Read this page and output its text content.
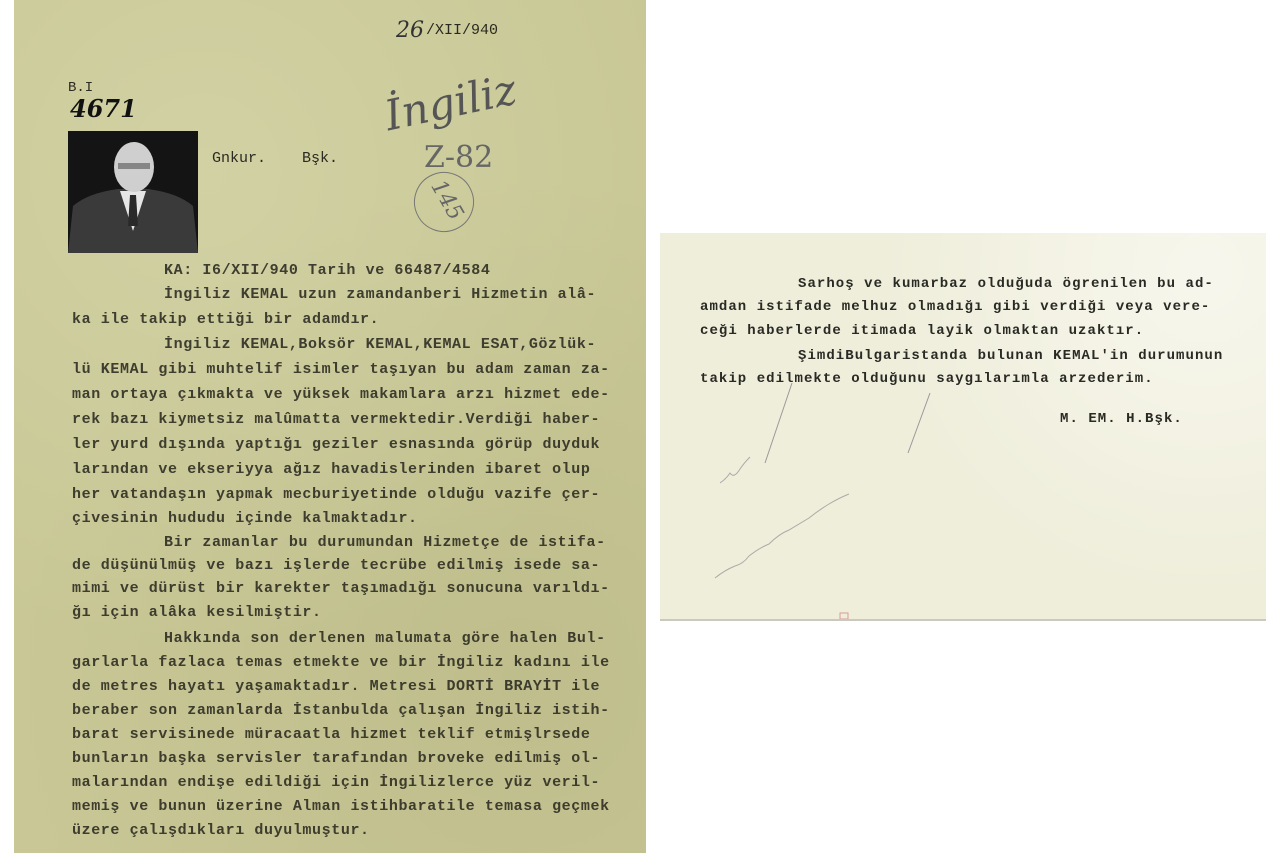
26 /XII/940
B.I
4671
Gnkur.    Bşk.
İngiliz
Z-82
145
KA: I6/XII/940 Tarih ve 66487/4584
İngiliz KEMAL uzun zamandanberi Hizmetin alâ-
ka ile takip ettiği bir adamdır.
İngiliz KEMAL,Boksör KEMAL,KEMAL ESAT,Gözlük-
lü KEMAL gibi muhtelif isimler taşıyan bu adam zaman za-
man ortaya çıkmakta ve yüksek makamlara arzı hizmet ede-
rek bazı kiymetsiz malûmatta vermektedir.Verdiği haber-
ler yurd dışında yaptığı geziler esnasında görüp duyduk
larından ve ekseriyya ağız havadislerinden ibaret olup
her vatandaşın yapmak mecburiyetinde olduğu vazife çer-
çivesinin hududu içinde kalmaktadır.
Bir zamanlar bu durumundan Hizmetçe de istifa-
de düşünülmüş ve bazı işlerde tecrübe edilmiş isede sa-
mimi ve dürüst bir karekter taşımadığı sonucuna varıldı-
ğı için alâka kesilmiştir.
Hakkında son derlenen malumata göre halen Bul-
garlarla fazlaca temas etmekte ve bir İngiliz kadını ile
de metres hayatı yaşamaktadır. Metresi DORTİ BRAYİT ile
beraber son zamanlarda İstanbulda çalışan İngiliz istih-
barat servisinede müracaatla hizmet teklif etmişlrsede
bunların başka servisler tarafından broveke edilmiş ol-
malarından endişe edildiği için İngilizlerce yüz veril-
memiş ve bunun üzerine Alman istihbaratile temasa geçmek
üzere çalışdıkları duyulmuştur.
Sarhoş ve kumarbaz olduğuda ögrenilen bu ad-
amdan istifade melhuz olmadığı gibi verdiği veya vere-
ceği haberlerde itimada layik olmaktan uzaktır.
ŞimdiBulgaristanda bulunan KEMAL'in durumunun
takip edilmekte olduğunu saygılarımla arzederim.
M. EM. H.Bşk.
